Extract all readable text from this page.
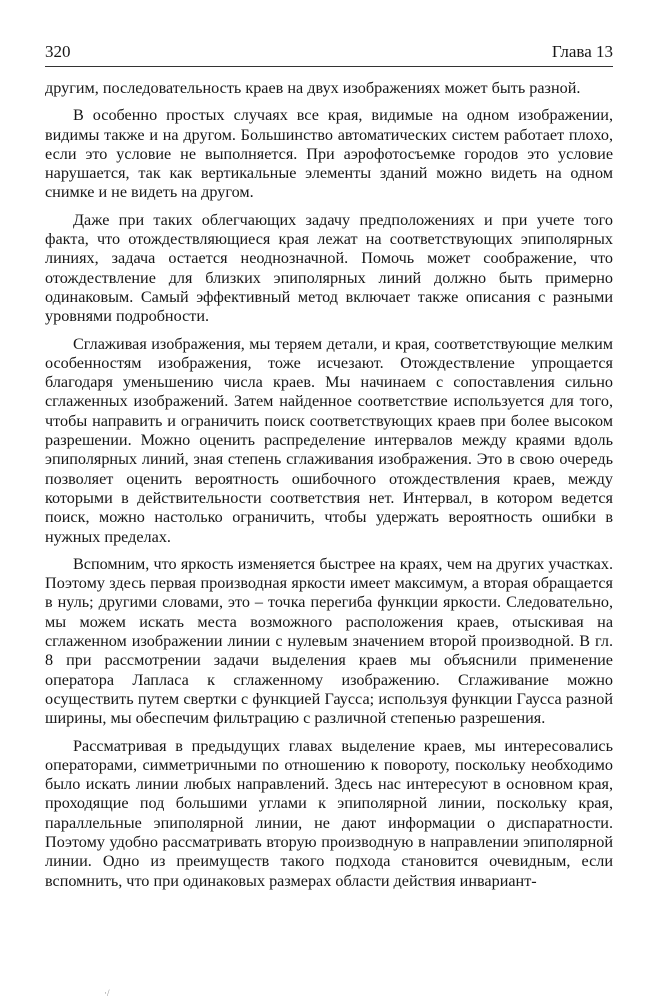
320	Глава 13

другим, последовательность краев на двух изображениях может быть разной.

В особенно простых случаях все края, видимые на одном изображении, видимы также и на другом. Большинство автоматических систем работает плохо, если это условие не выполняется. При аэрофотосъемке городов это условие нарушается, так как вертикальные элементы зданий можно видеть на одном снимке и не видеть на другом.

Даже при таких облегчающих задачу предположениях и при учете того факта, что отождествляющиеся края лежат на соответствующих эпиполярных линиях, задача остается неоднозначной. Помочь может соображение, что отождествление для близких эпиполярных линий должно быть примерно одинаковым. Самый эффективный метод включает также описания с разными уровнями подробности.

Сглаживая изображения, мы теряем детали, и края, соответствующие мелким особенностям изображения, тоже исчезают. Отождествление упрощается благодаря уменьшению числа краев. Мы начинаем с сопоставления сильно сглаженных изображений. Затем найденное соответствие используется для того, чтобы направить и ограничить поиск соответствующих краев при более высоком разрешении. Можно оценить распределение интервалов между краями вдоль эпиполярных линий, зная степень сглаживания изображения. Это в свою очередь позволяет оценить вероятность ошибочного отождествления краев, между которыми в действительности соответствия нет. Интервал, в котором ведется поиск, можно настолько ограничить, чтобы удержать вероятность ошибки в нужных пределах.

Вспомним, что яркость изменяется быстрее на краях, чем на других участках. Поэтому здесь первая производная яркости имеет максимум, а вторая обращается в нуль; другими словами, это – точка перегиба функции яркости. Следовательно, мы можем искать места возможного расположения краев, отыскивая на сглаженном изображении линии с нулевым значением второй производной. В гл. 8 при рассмотрении задачи выделения краев мы объяснили применение оператора Лапласа к сглаженному изображению. Сглаживание можно осуществить путем свертки с функцией Гаусса; используя функции Гаусса разной ширины, мы обеспечим фильтрацию с различной степенью разрешения.

Рассматривая в предыдущих главах выделение краев, мы интересовались операторами, симметричными по отношению к повороту, поскольку необходимо было искать линии любых направлений. Здесь нас интересуют в основном края, проходящие под большими углами к эпиполярной линии, поскольку края, параллельные эпиполярной линии, не дают информации о диспаратности. Поэтому удобно рассматривать вторую производную в направлении эпиполярной линии. Одно из преимуществ такого подхода становится очевидным, если вспомнить, что при одинаковых размерах области действия инвариант-

·/
